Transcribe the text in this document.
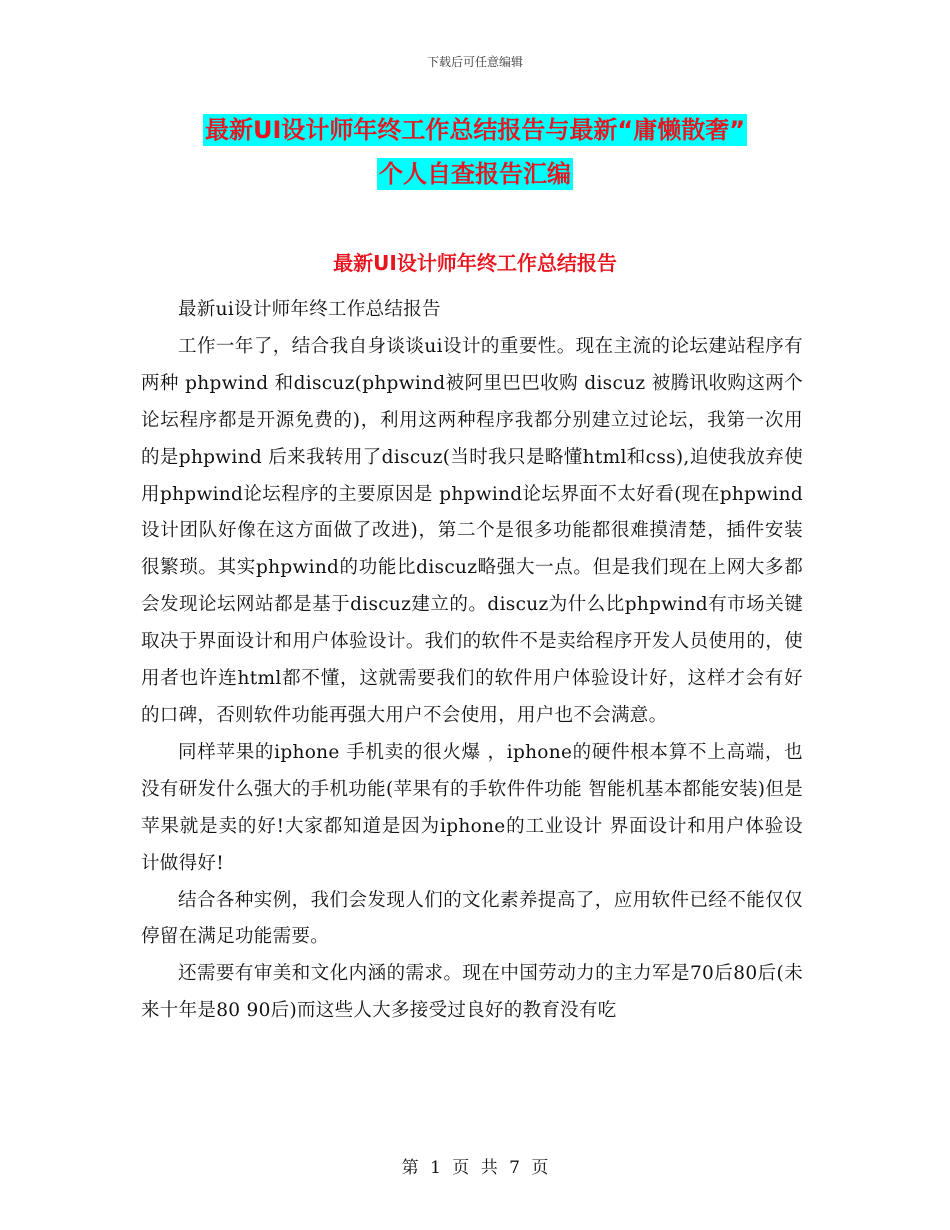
下载后可任意编辑
最新UI设计师年终工作总结报告与最新“庸懒散奢”
个人自查报告汇编
最新UI设计师年终工作总结报告

最新ui设计师年终工作总结报告

工作一年了，结合我自身谈谈ui设计的重要性。现在主流的论坛建站程序有两种 phpwind 和discuz(phpwind被阿里巴巴收购 discuz 被腾讯收购这两个论坛程序都是开源免费的)，利用这两种程序我都分别建立过论坛，我第一次用的是phpwind 后来我转用了discuz(当时我只是略懂html和css),迫使我放弃使用phpwind论坛程序的主要原因是 phpwind论坛界面不太好看(现在phpwind设计团队好像在这方面做了改进)，第二个是很多功能都很难摸清楚，插件安装很繁琐。其实phpwind的功能比discuz略强大一点。但是我们现在上网大多都会发现论坛网站都是基于discuz建立的。discuz为什么比phpwind有市场关键取决于界面设计和用户体验设计。我们的软件不是卖给程序开发人员使用的，使用者也许连html都不懂，这就需要我们的软件用户体验设计好，这样才会有好的口碑，否则软件功能再强大用户不会使用，用户也不会满意。

同样苹果的iphone 手机卖的很火爆 ，iphone的硬件根本算不上高端，也没有研发什么强大的手机功能(苹果有的手软件件功能 智能机基本都能安装)但是苹果就是卖的好!大家都知道是因为iphone的工业设计 界面设计和用户体验设计做得好!

结合各种实例，我们会发现人们的文化素养提高了，应用软件已经不能仅仅停留在满足功能需要。

还需要有审美和文化内涵的需求。现在中国劳动力的主力军是70后80后(未来十年是80 90后)而这些人大多接受过良好的教育没有吃

第 1 页 共 7 页
